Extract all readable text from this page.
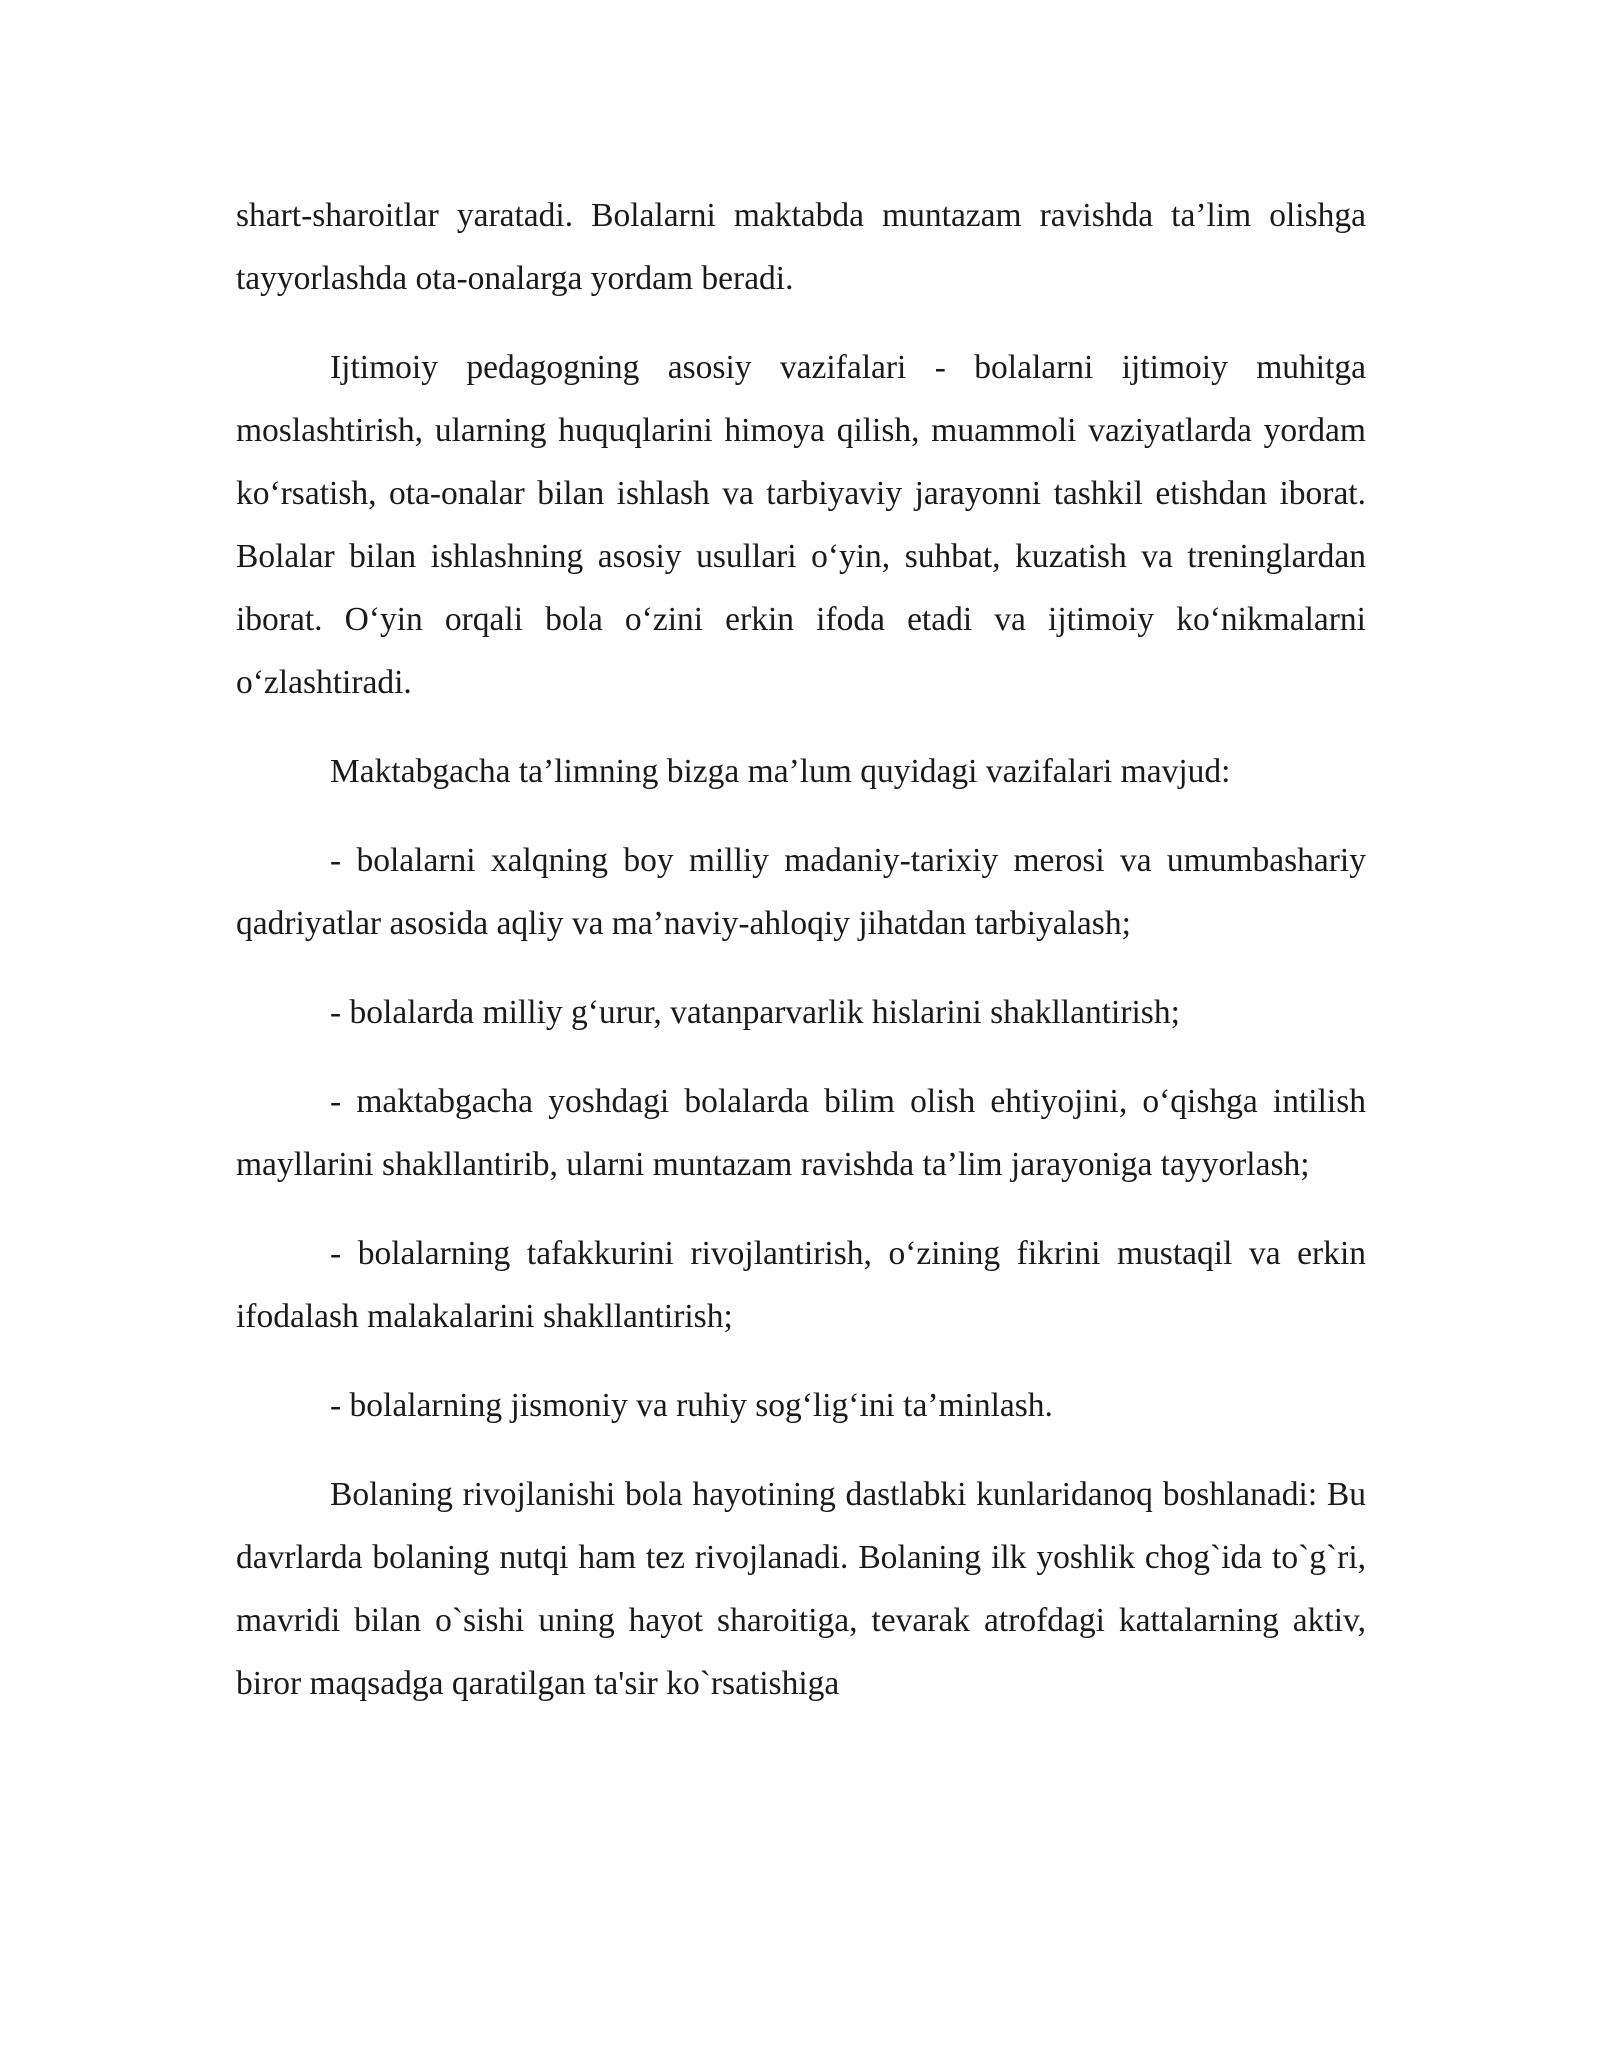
shart-sharoitlar yaratadi. Bolalarni maktabda muntazam ravishda ta’lim olishga tayyorlashda ota-onalarga yordam beradi.

Ijtimoiy pedagogning asosiy vazifalari - bolalarni ijtimoiy muhitga moslashtirish, ularning huquqlarini himoya qilish, muammoli vaziyatlarda yordam ko‘rsatish, ota-onalar bilan ishlash va tarbiyaviy jarayonni tashkil etishdan iborat. Bolalar bilan ishlashning asosiy usullari o‘yin, suhbat, kuzatish va treninglardan iborat. O‘yin orqali bola o‘zini erkin ifoda etadi va ijtimoiy ko‘nikmalarni o‘zlashtiradi.

Maktabgacha ta’limning bizga ma’lum quyidagi vazifalari mavjud:

- bolalarni xalqning boy milliy madaniy-tarixiy merosi va umumbashariy qadriyatlar asosida aqliy va ma’naviy-ahloqiy jihatdan tarbiyalash;

- bolalarda milliy g‘urur, vatanparvarlik hislarini shakllantirish;

- maktabgacha yoshdagi bolalarda bilim olish ehtiyojini, o‘qishga intilish mayllarini shakllantirib, ularni muntazam ravishda ta’lim jarayoniga tayyorlash;

- bolalarning tafakkurini rivojlantirish, o‘zining fikrini mustaqil va erkin ifodalash malakalarini shakllantirish;

- bolalarning jismoniy va ruhiy sog‘lig‘ini ta’minlash.

Bolaning rivojlanishi bola hayotining dastlabki kunlaridanoq boshlanadi: Bu davrlarda bolaning nutqi ham tez rivojlanadi. Bolaning ilk yoshlik chog`ida to`g`ri, mavridi bilan o`sishi uning hayot sharoitiga, tevarak atrofdagi kattalarning aktiv, biror maqsadga qaratilgan ta'sir ko`rsatishiga
